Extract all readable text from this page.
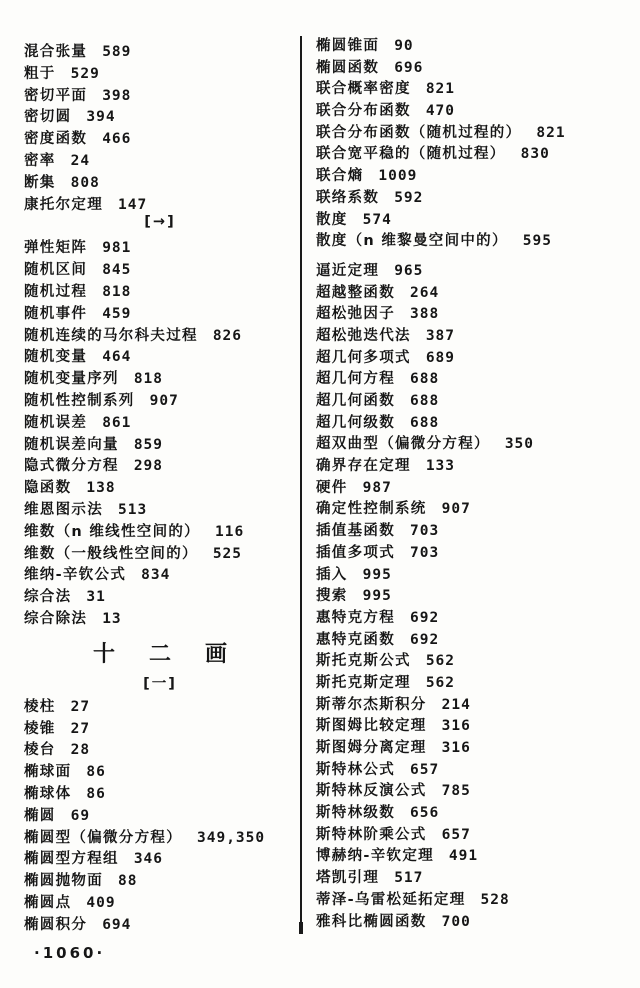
混合张量 589
粗于 529
密切平面 398
密切圆 394
密度函数 466
密率 24
断集 808
康托尔定理 147
[→]
弹性矩阵 981
随机区间 845
随机过程 818
随机事件 459
随机连续的马尔科夫过程 826
随机变量 464
随机变量序列 818
随机性控制系列 907
随机误差 861
随机误差向量 859
隐式微分方程 298
隐函数 138
维恩图示法 513
维数（n 维线性空间的） 116
维数（一般线性空间的） 525
维纳-辛钦公式 834
综合法 31
综合除法 13
十二画
[一]
棱柱 27
棱锥 27
棱台 28
椭球面 86
椭球体 86
椭圆 69
椭圆型（偏微分方程） 349,350
椭圆型方程组 346
椭圆抛物面 88
椭圆点 409
椭圆积分 694
椭圆锥面 90
椭圆函数 696
联合概率密度 821
联合分布函数 470
联合分布函数（随机过程的） 821
联合宽平稳的（随机过程） 830
联合熵 1009
联络系数 592
散度 574
散度（n 维黎曼空间中的） 595
逼近定理 965
超越整函数 264
超松弛因子 388
超松弛迭代法 387
超几何多项式 689
超几何方程 688
超几何函数 688
超几何级数 688
超双曲型（偏微分方程） 350
确界存在定理 133
硬件 987
确定性控制系统 907
插值基函数 703
插值多项式 703
插入 995
搜索 995
惠特克方程 692
惠特克函数 692
斯托克斯公式 562
斯托克斯定理 562
斯蒂尔杰斯积分 214
斯图姆比较定理 316
斯图姆分离定理 316
斯特林公式 657
斯特林反演公式 785
斯特林级数 656
斯特林阶乘公式 657
博赫纳-辛钦定理 491
塔凯引理 517
蒂泽-乌雷松延拓定理 528
雅科比椭圆函数 700
·1060·
